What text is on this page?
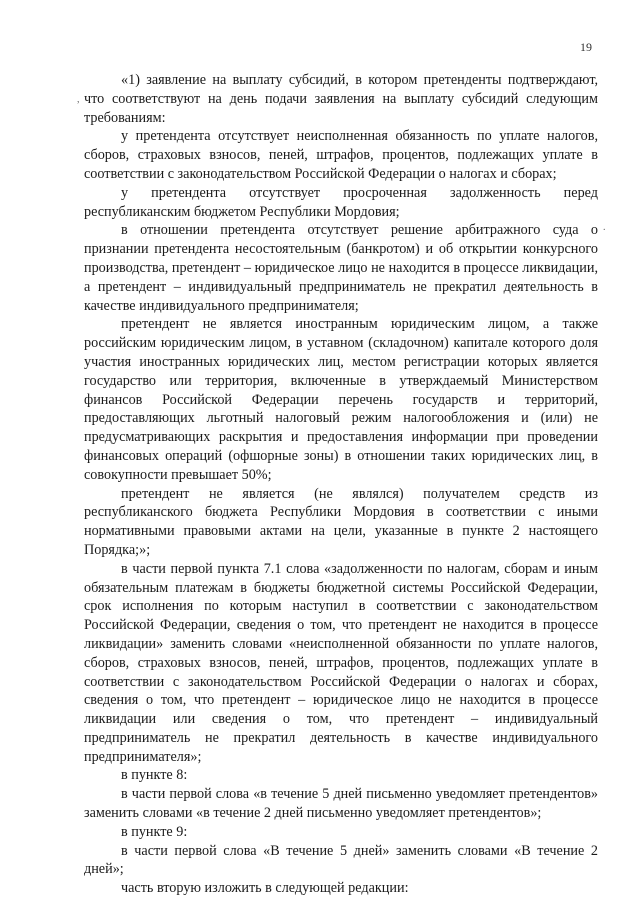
19
,
.

«1) заявление на выплату субсидий, в котором претенденты подтверждают, что соответствуют на день подачи заявления на выплату субсидий следующим требованиям:

у претендента отсутствует неисполненная обязанность по уплате налогов, сборов, страховых взносов, пеней, штрафов, процентов, подлежащих уплате в соответствии с законодательством Российской Федерации о налогах и сборах;

у претендента отсутствует просроченная задолженность перед республиканским бюджетом Республики Мордовия;

в отношении претендента отсутствует решение арбитражного суда о признании претендента несостоятельным (банкротом) и об открытии конкурсного производства, претендент – юридическое лицо не находится в процессе ликвидации, а претендент – индивидуальный предприниматель не прекратил деятельность в качестве индивидуального предпринимателя;

претендент не является иностранным юридическим лицом, а также российским юридическим лицом, в уставном (складочном) капитале которого доля участия иностранных юридических лиц, местом регистрации которых является государство или территория, включенные в утверждаемый Министерством финансов Российской Федерации перечень государств и территорий, предоставляющих льготный налоговый режим налогообложения и (или) не предусматривающих раскрытия и предоставления информации при проведении финансовых операций (офшорные зоны) в отношении таких юридических лиц, в совокупности превышает 50%;

претендент не является (не являлся) получателем средств из республиканского бюджета Республики Мордовия в соответствии с иными нормативными правовыми актами на цели, указанные в пункте 2 настоящего Порядка;»;

в части первой пункта 7.1 слова «задолженности по налогам, сборам и иным обязательным платежам в бюджеты бюджетной системы Российской Федерации, срок исполнения по которым наступил в соответствии с законодательством Российской Федерации, сведения о том, что претендент не находится в процессе ликвидации» заменить словами «неисполненной обязанности по уплате налогов, сборов, страховых взносов, пеней, штрафов, процентов, подлежащих уплате в соответствии с законодательством Российской Федерации о налогах и сборах, сведения о том, что претендент – юридическое лицо не находится в процессе ликвидации или сведения о том, что претендент – индивидуальный предприниматель не прекратил деятельность в качестве индивидуального предпринимателя»;

в пункте 8:

в части первой слова «в течение 5 дней письменно уведомляет претендентов» заменить словами «в течение 2 дней письменно уведомляет претендентов»;

в пункте 9:

в части первой слова «В течение 5 дней» заменить словами «В течение 2 дней»;

часть вторую изложить в следующей редакции:
